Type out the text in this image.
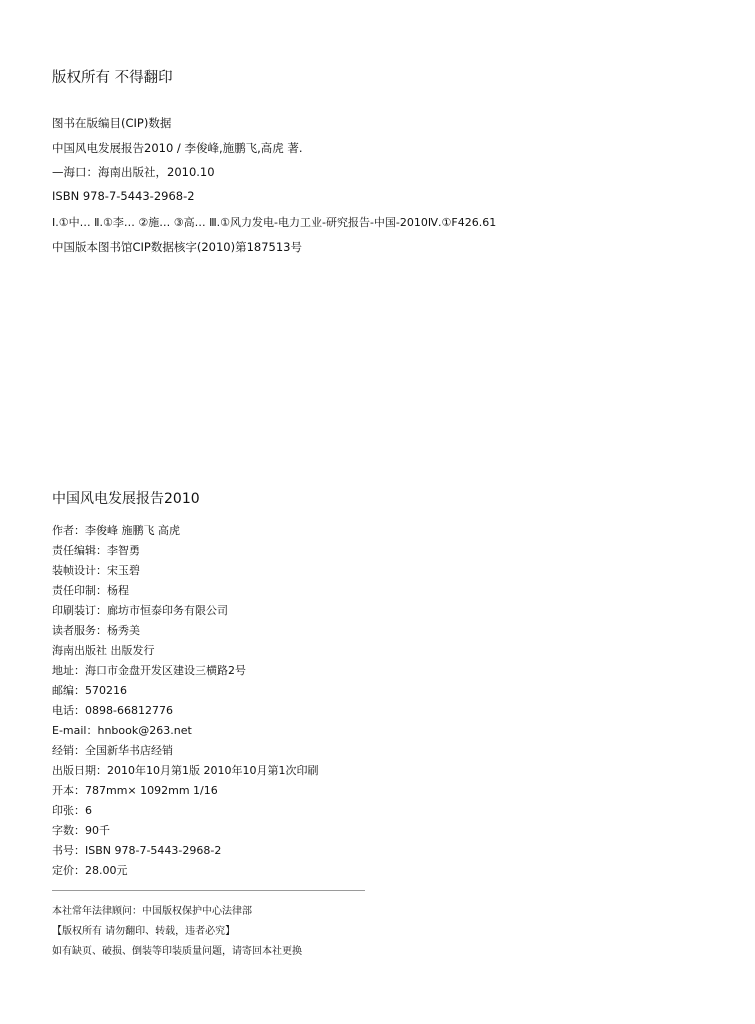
版权所有 不得翻印
图书在版编目(CIP)数据
中国风电发展报告2010 / 李俊峰,施鹏飞,高虎 著.
—海口：海南出版社，2010.10
ISBN 978-7-5443-2968-2
Ⅰ.①中… Ⅱ.①李… ②施… ③高… Ⅲ.①风力发电-电力工业-研究报告-中国-2010Ⅳ.①F426.61
中国版本图书馆CIP数据核字(2010)第187513号
中国风电发展报告2010
作者：李俊峰 施鹏飞 高虎
责任编辑：李智勇
装帧设计：宋玉碧
责任印制：杨程
印刷装订：廊坊市恒泰印务有限公司
读者服务：杨秀美
海南出版社 出版发行
地址：海口市金盘开发区建设三横路2号
邮编：570216
电话：0898-66812776
E-mail：hnbook@263.net
经销：全国新华书店经销
出版日期：2010年10月第1版 2010年10月第1次印刷
开本：787mm× 1092mm 1/16
印张：6
字数：90千
书号：ISBN 978-7-5443-2968-2
定价：28.00元
本社常年法律顾问：中国版权保护中心法律部
【版权所有 请勿翻印、转载，违者必究】
如有缺页、破损、倒装等印装质量问题，请寄回本社更换
